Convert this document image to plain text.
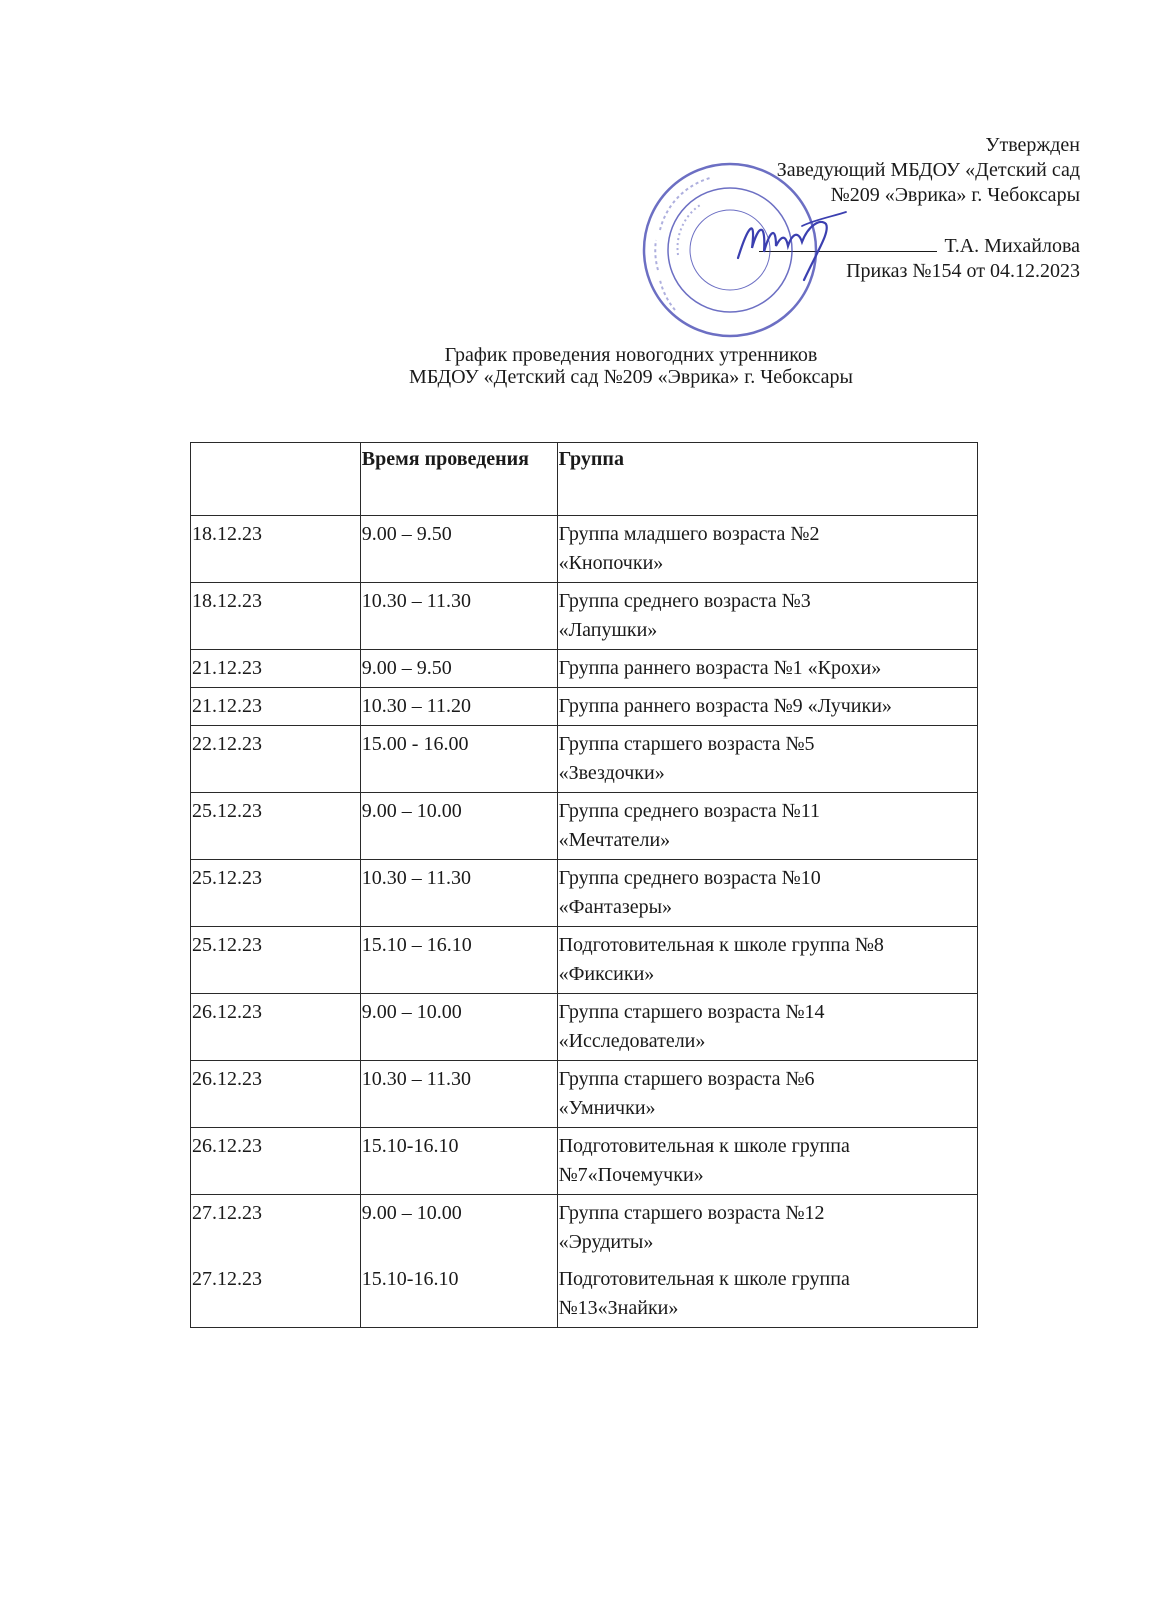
Утвержден
Заведующий МБДОУ «Детский сад
№209 «Эврика» г. Чебоксары
Т.А. Михайлова
Приказ №154 от 04.12.2023
График проведения новогодних утренников
МБДОУ «Детский сад №209 «Эврика» г. Чебоксары
	Время проведения	Группа
18.12.23	9.00 – 9.50	Группа младшего возраста №2
«Кнопочки»

18.12.23	10.30 – 11.30	Группа среднего возраста №3
«Лапушки»

21.12.23	9.00 – 9.50	Группа раннего возраста №1 «Крохи»

21.12.23	10.30 – 11.20	Группа раннего возраста №9 «Лучики»

22.12.23	15.00 - 16.00	Группа старшего возраста №5
«Звездочки»

25.12.23	9.00 – 10.00	Группа среднего возраста №11
«Мечтатели»

25.12.23	10.30 – 11.30	Группа среднего возраста №10
«Фантазеры»

25.12.23	15.10 – 16.10	Подготовительная к школе группа №8
«Фиксики»

26.12.23	9.00 – 10.00	Группа старшего возраста №14
«Исследователи»

26.12.23	10.30 – 11.30	Группа старшего возраста №6
«Умнички»

26.12.23	15.10-16.10	Подготовительная к школе группа
№7«Почемучки»

27.12.23	9.00 – 10.00	Группа старшего возраста №12
«Эрудиты»

27.12.23	15.10-16.10	Подготовительная к школе группа
№13«Знайки»
